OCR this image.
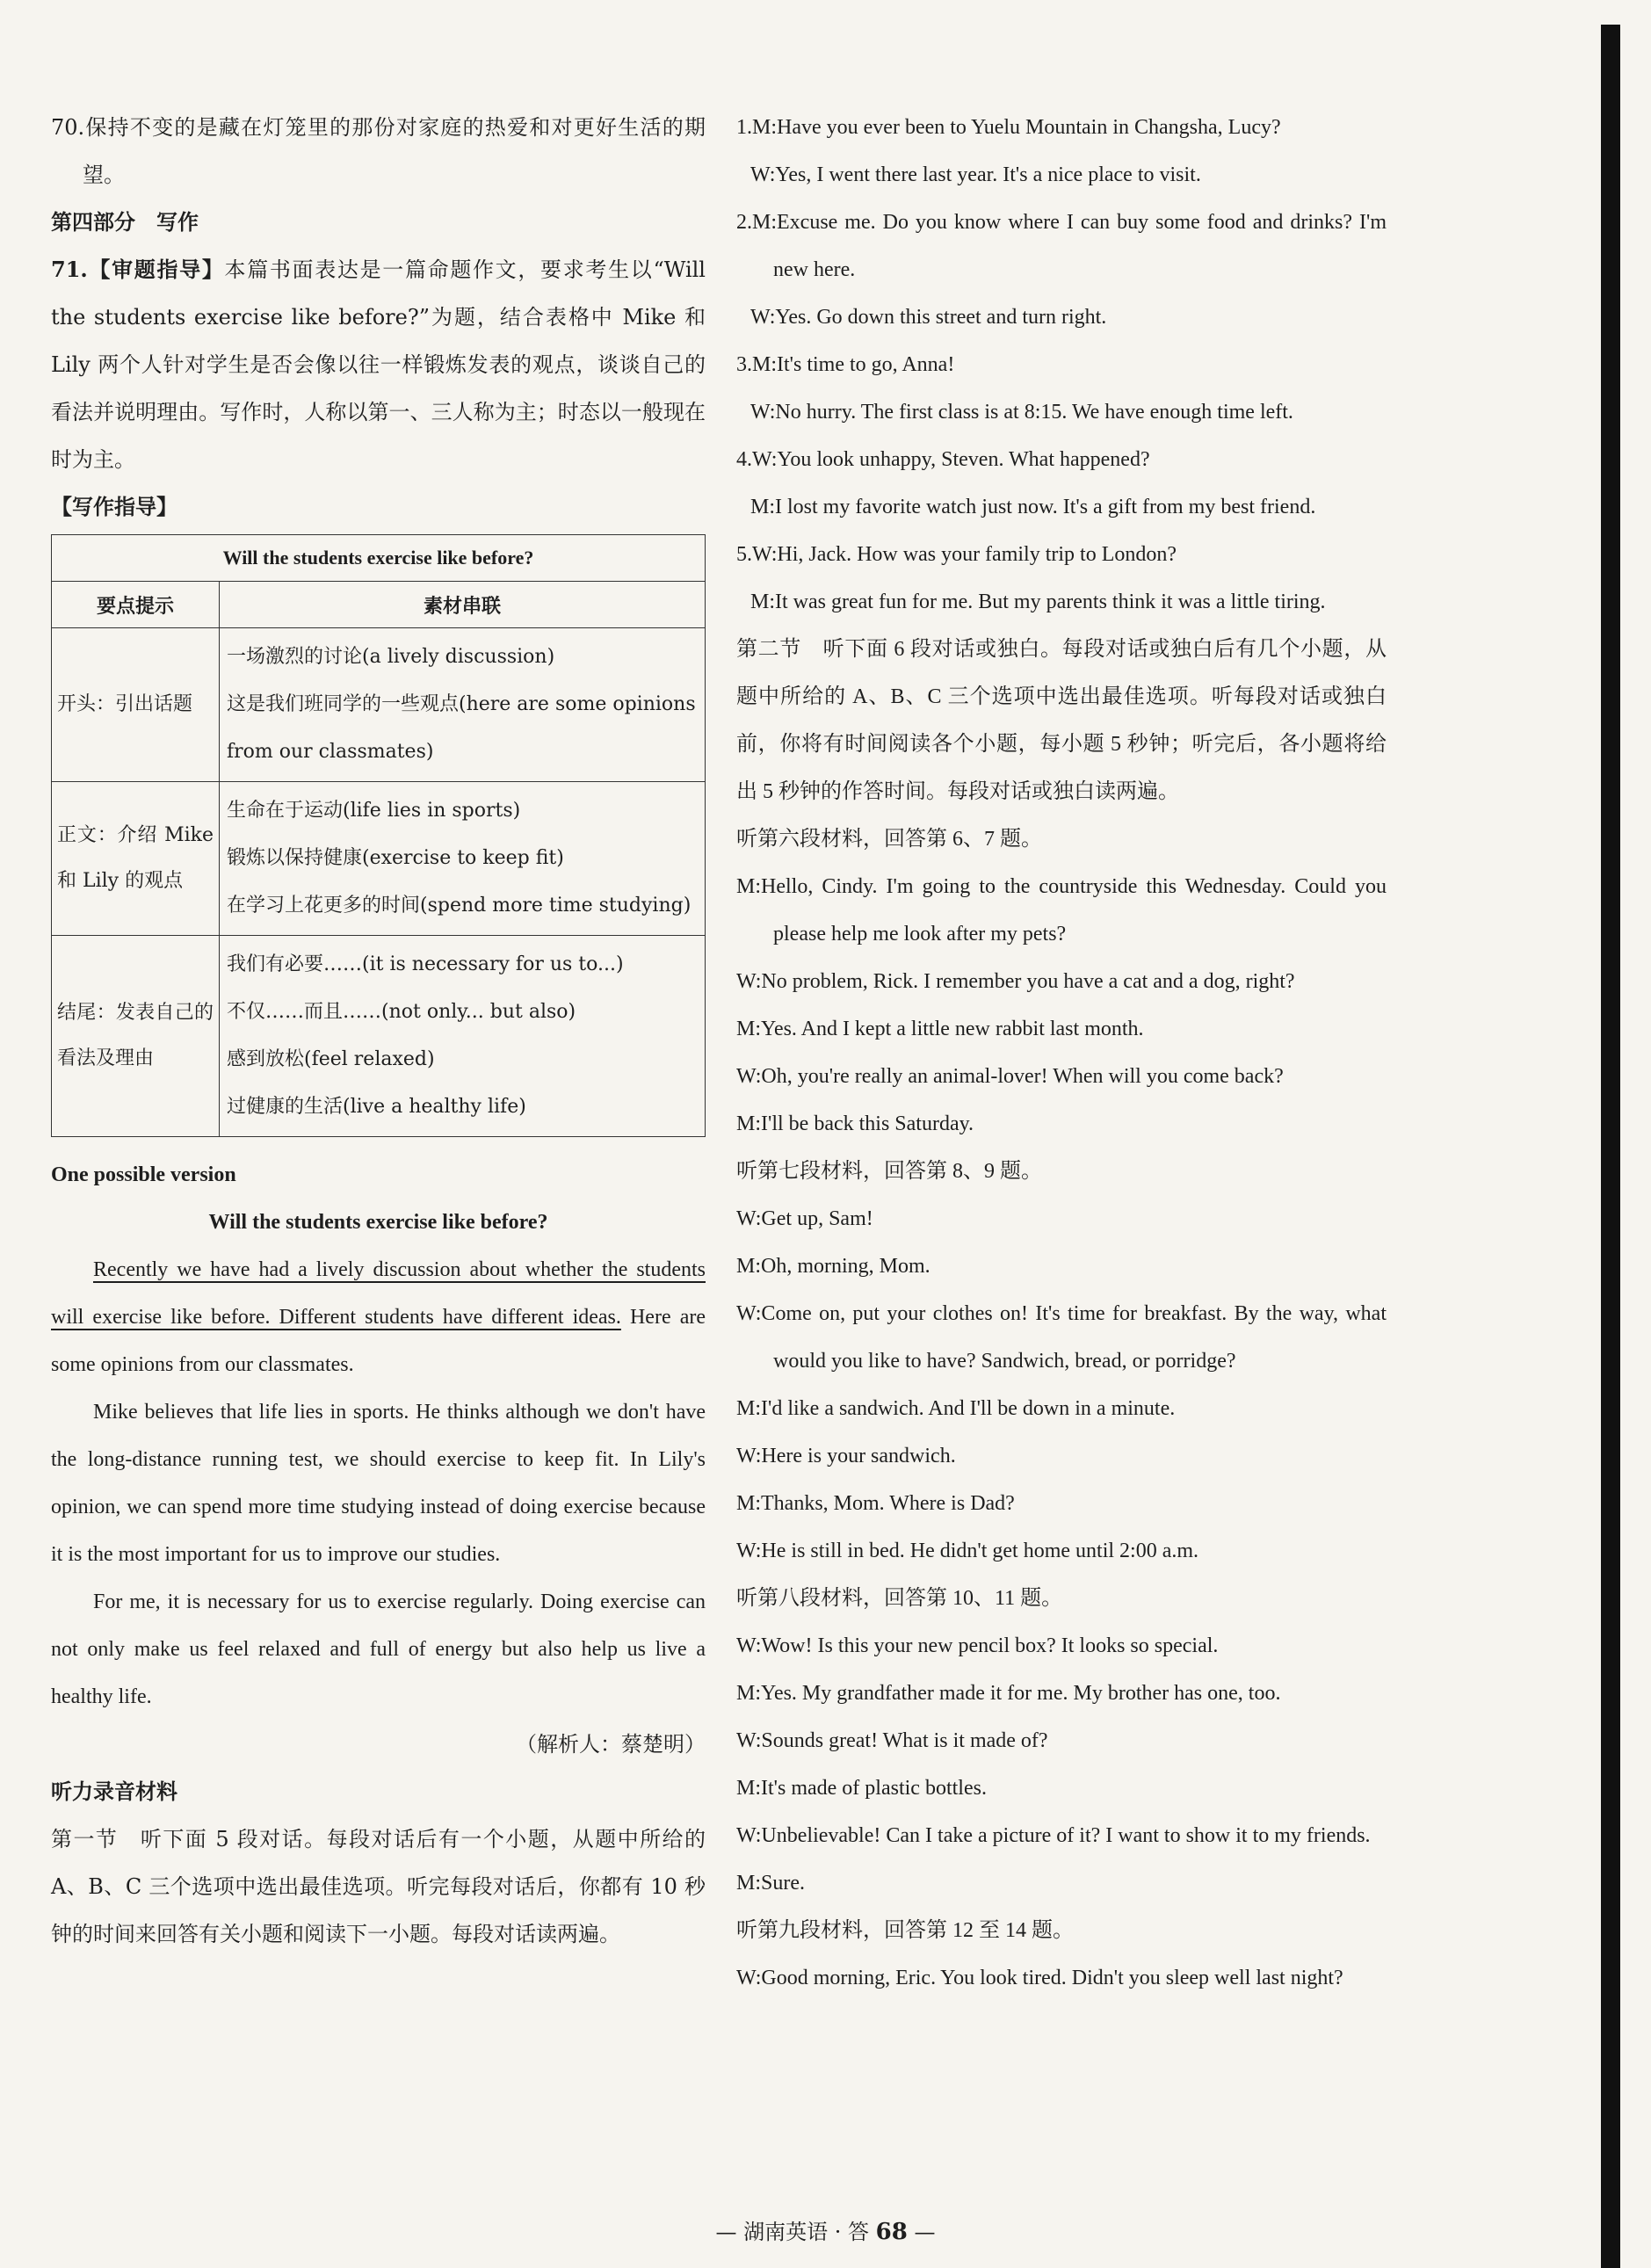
70.保持不变的是藏在灯笼里的那份对家庭的热爱和对更好生活的期望。

第四部分　写作

71.【审题指导】本篇书面表达是一篇命题作文，要求考生以“Will the students exercise like before?”为题，结合表格中 Mike 和 Lily 两个人针对学生是否会像以往一样锻炼发表的观点，谈谈自己的看法并说明理由。写作时，人称以第一、三人称为主；时态以一般现在时为主。

【写作指导】

Will the students exercise like before?	
要点提示	素材串联
开头：引出话题	一场激烈的讨论(a lively discussion)
这是我们班同学的一些观点(here are some opinions from our classmates)

正文：介绍 Mike 和 Lily 的观点	生命在于运动(life lies in sports)
锻炼以保持健康(exercise to keep fit)
在学习上花更多的时间(spend more time studying)

结尾：发表自己的看法及理由	我们有必要……(it is necessary for us to...)
不仅……而且……(not only... but also)
感到放松(feel relaxed)
过健康的生活(live a healthy life)

One possible version

Will the students exercise like before?

Recently we have had a lively discussion about whether the students will exercise like before. Different students have different ideas. Here are some opinions from our classmates.

Mike believes that life lies in sports. He thinks although we don't have the long-distance running test, we should exercise to keep fit. In Lily's opinion, we can spend more time studying instead of doing exercise because it is the most important for us to improve our studies.

For me, it is necessary for us to exercise regularly. Doing exercise can not only make us feel relaxed and full of energy but also help us live a healthy life.

（解析人：蔡楚明）

听力录音材料

第一节　听下面 5 段对话。每段对话后有一个小题，从题中所给的 A、B、C 三个选项中选出最佳选项。听完每段对话后，你都有 10 秒钟的时间来回答有关小题和阅读下一小题。每段对话读两遍。

1.M:Have you ever been to Yuelu Mountain in Changsha, Lucy?

W:Yes, I went there last year. It's a nice place to visit.

2.M:Excuse me. Do you know where I can buy some food and drinks? I'm new here.

W:Yes. Go down this street and turn right.

3.M:It's time to go, Anna!

W:No hurry. The first class is at 8:15. We have enough time left.

4.W:You look unhappy, Steven. What happened?

M:I lost my favorite watch just now. It's a gift from my best friend.

5.W:Hi, Jack. How was your family trip to London?

M:It was great fun for me. But my parents think it was a little tiring.

第二节　听下面 6 段对话或独白。每段对话或独白后有几个小题，从题中所给的 A、B、C 三个选项中选出最佳选项。听每段对话或独白前，你将有时间阅读各个小题，每小题 5 秒钟；听完后，各小题将给出 5 秒钟的作答时间。每段对话或独白读两遍。

听第六段材料，回答第 6、7 题。

M:Hello, Cindy. I'm going to the countryside this Wednesday. Could you please help me look after my pets?

W:No problem, Rick. I remember you have a cat and a dog, right?

M:Yes. And I kept a little new rabbit last month.

W:Oh, you're really an animal-lover! When will you come back?

M:I'll be back this Saturday.

听第七段材料，回答第 8、9 题。

W:Get up, Sam!

M:Oh, morning, Mom.

W:Come on, put your clothes on! It's time for breakfast. By the way, what would you like to have? Sandwich, bread, or porridge?

M:I'd like a sandwich. And I'll be down in a minute.

W:Here is your sandwich.

M:Thanks, Mom. Where is Dad?

W:He is still in bed. He didn't get home until 2:00 a.m.

听第八段材料，回答第 10、11 题。

W:Wow! Is this your new pencil box? It looks so special.

M:Yes. My grandfather made it for me. My brother has one, too.

W:Sounds great! What is it made of?

M:It's made of plastic bottles.

W:Unbelievable! Can I take a picture of it? I want to show it to my friends.

M:Sure.

听第九段材料，回答第 12 至 14 题。

W:Good morning, Eric. You look tired. Didn't you sleep well last night?

— 湖南英语 · 答 68 —
